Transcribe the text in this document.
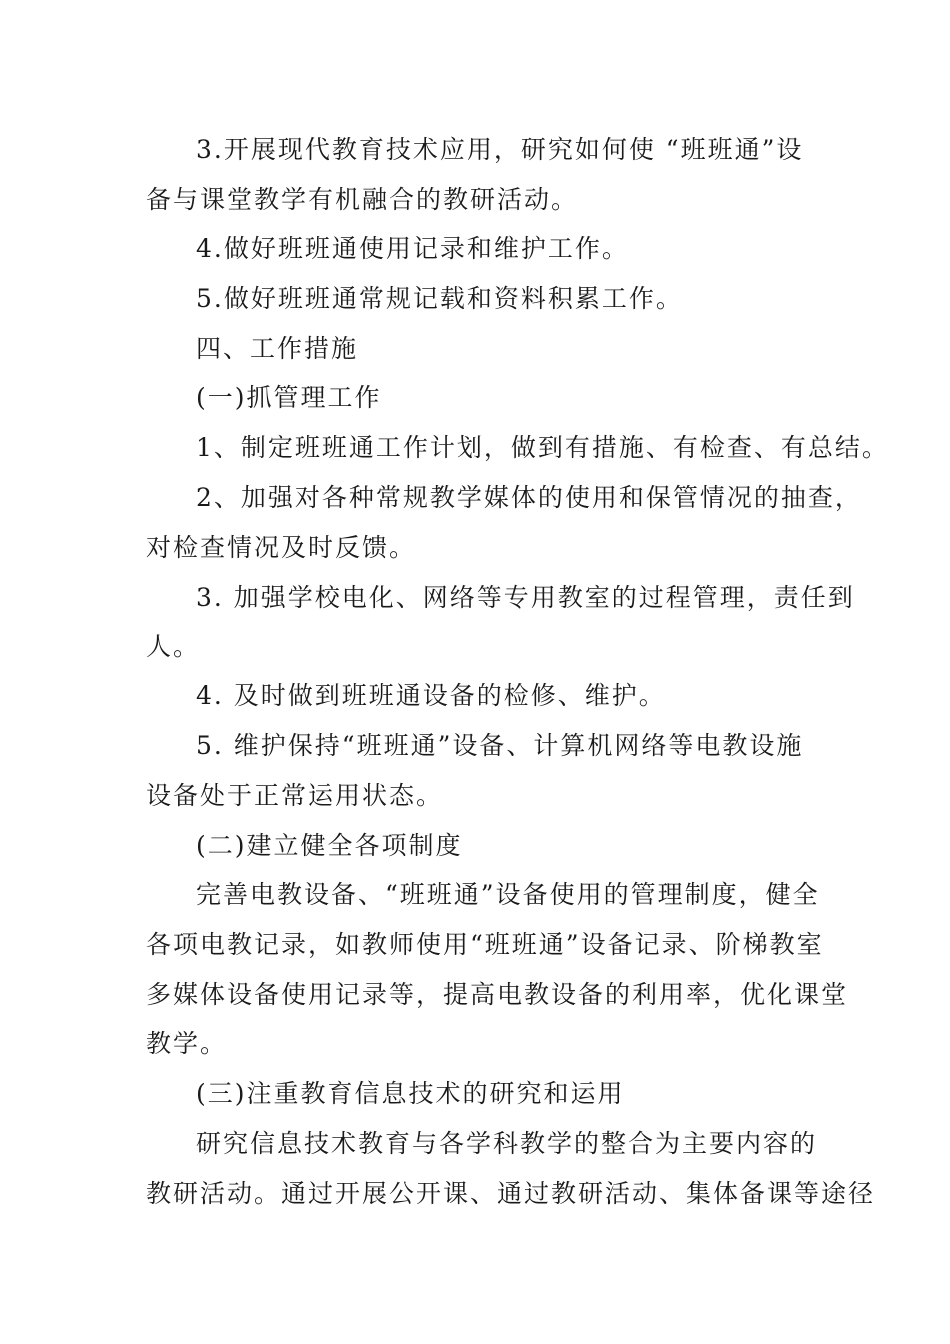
3.开展现代教育技术应用，研究如何使 “班班通”设
备与课堂教学有机融合的教研活动。
4.做好班班通使用记录和维护工作。
5.做好班班通常规记载和资料积累工作。
四、工作措施
(一)抓管理工作
1、制定班班通工作计划，做到有措施、有检查、有总结。
2、加强对各种常规教学媒体的使用和保管情况的抽查，
对检查情况及时反馈。
3. 加强学校电化、网络等专用教室的过程管理，责任到
人。
4. 及时做到班班通设备的检修、维护。
5. 维护保持“班班通”设备、计算机网络等电教设施
设备处于正常运用状态。
(二)建立健全各项制度
完善电教设备、“班班通”设备使用的管理制度，健全
各项电教记录，如教师使用“班班通”设备记录、阶梯教室
多媒体设备使用记录等，提高电教设备的利用率，优化课堂
教学。
(三)注重教育信息技术的研究和运用
研究信息技术教育与各学科教学的整合为主要内容的
教研活动。通过开展公开课、通过教研活动、集体备课等途径
